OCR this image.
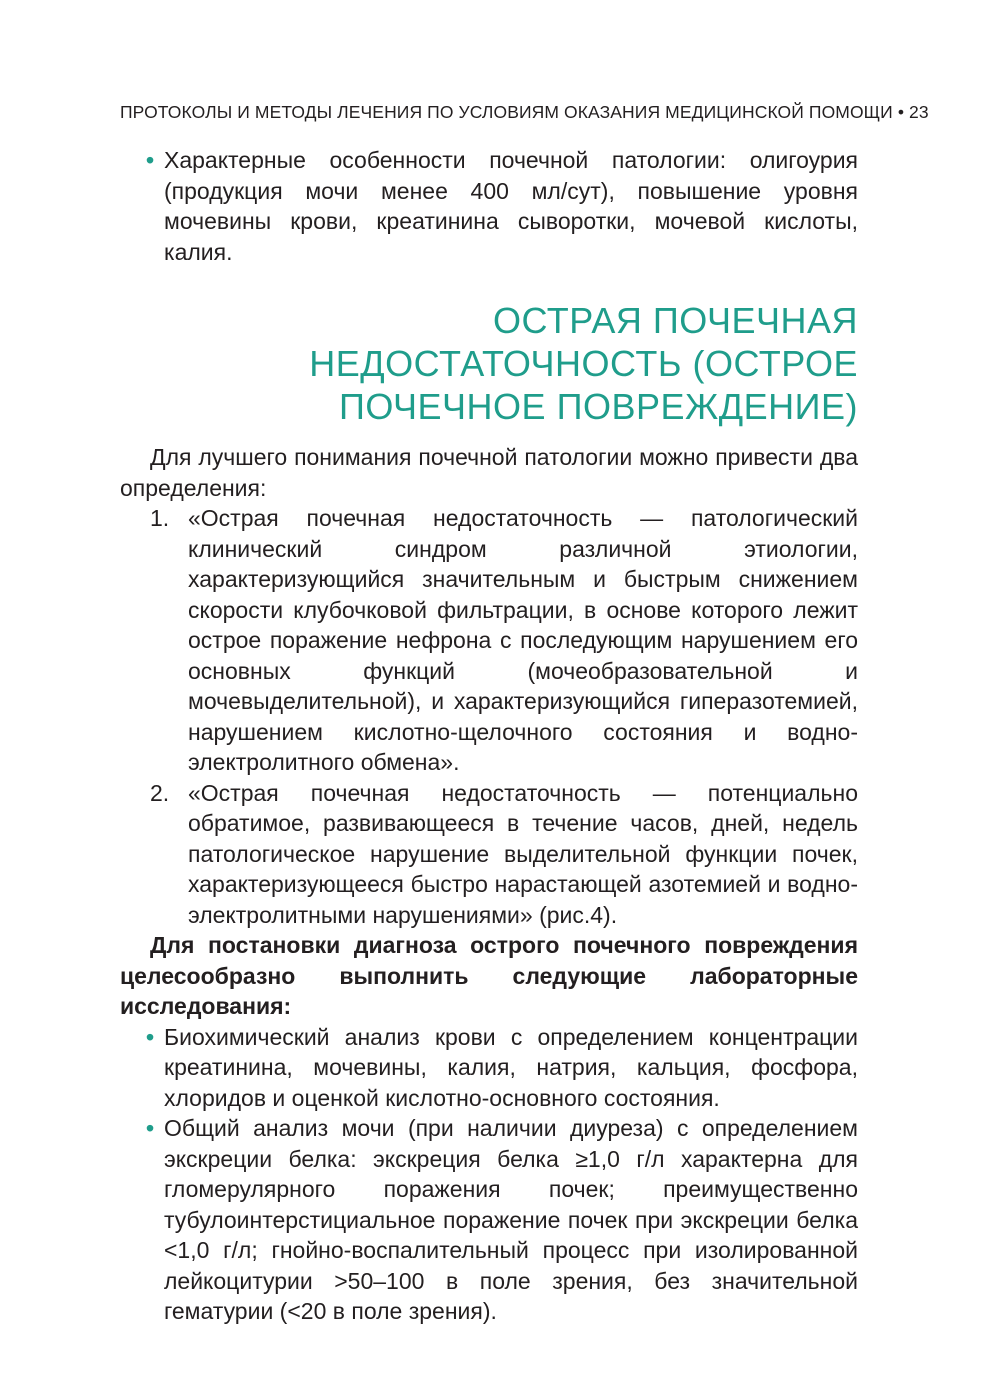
ПРОТОКОЛЫ И МЕТОДЫ ЛЕЧЕНИЯ ПО УСЛОВИЯМ ОКАЗАНИЯ МЕДИЦИНСКОЙ ПОМОЩИ • 23
• Характерные особенности почечной патологии: олигоурия (продукция мочи менее 400 мл/сут), повышение уровня мочевины крови, креатинина сыворотки, мочевой кислоты, калия.
ОСТРАЯ ПОЧЕЧНАЯ
НЕДОСТАТОЧНОСТЬ (ОСТРОЕ
ПОЧЕЧНОЕ ПОВРЕЖДЕНИЕ)

Для лучшего понимания почечной патологии можно привести два определения:

1. «Острая почечная недостаточность — патологический клинический синдром различной этиологии, характеризующийся значительным и быстрым снижением скорости клубочковой фильтрации, в основе которого лежит острое поражение нефрона с последующим нарушением его основных функций (мочеобразовательной и мочевыделительной), и характеризующийся гиперазотемией, нарушением кислотно-щелочного состояния и водно-электролитного обмена».
2. «Острая почечная недостаточность — потенциально обратимое, развивающееся в течение часов, дней, недель патологическое нарушение выделительной функции почек, характеризующееся быстро нарастающей азотемией и водно-электролитными нарушениями» (рис.4).

Для постановки диагноза острого почечного повреждения целесообразно выполнить следующие лабораторные исследования:

• Биохимический анализ крови с определением концентрации креатинина, мочевины, калия, натрия, кальция, фосфора, хлоридов и оценкой кислотно-основного состояния.
• Общий анализ мочи (при наличии диуреза) с определением экскреции белка: экскреция белка ≥1,0 г/л характерна для гломерулярного поражения почек; преимущественно тубулоинтерстициальное поражение почек при экскреции белка <1,0 г/л; гнойно-воспалительный процесс при изолированной лейкоцитурии >50–100 в поле зрения, без значительной гематурии (<20 в поле зрения).
